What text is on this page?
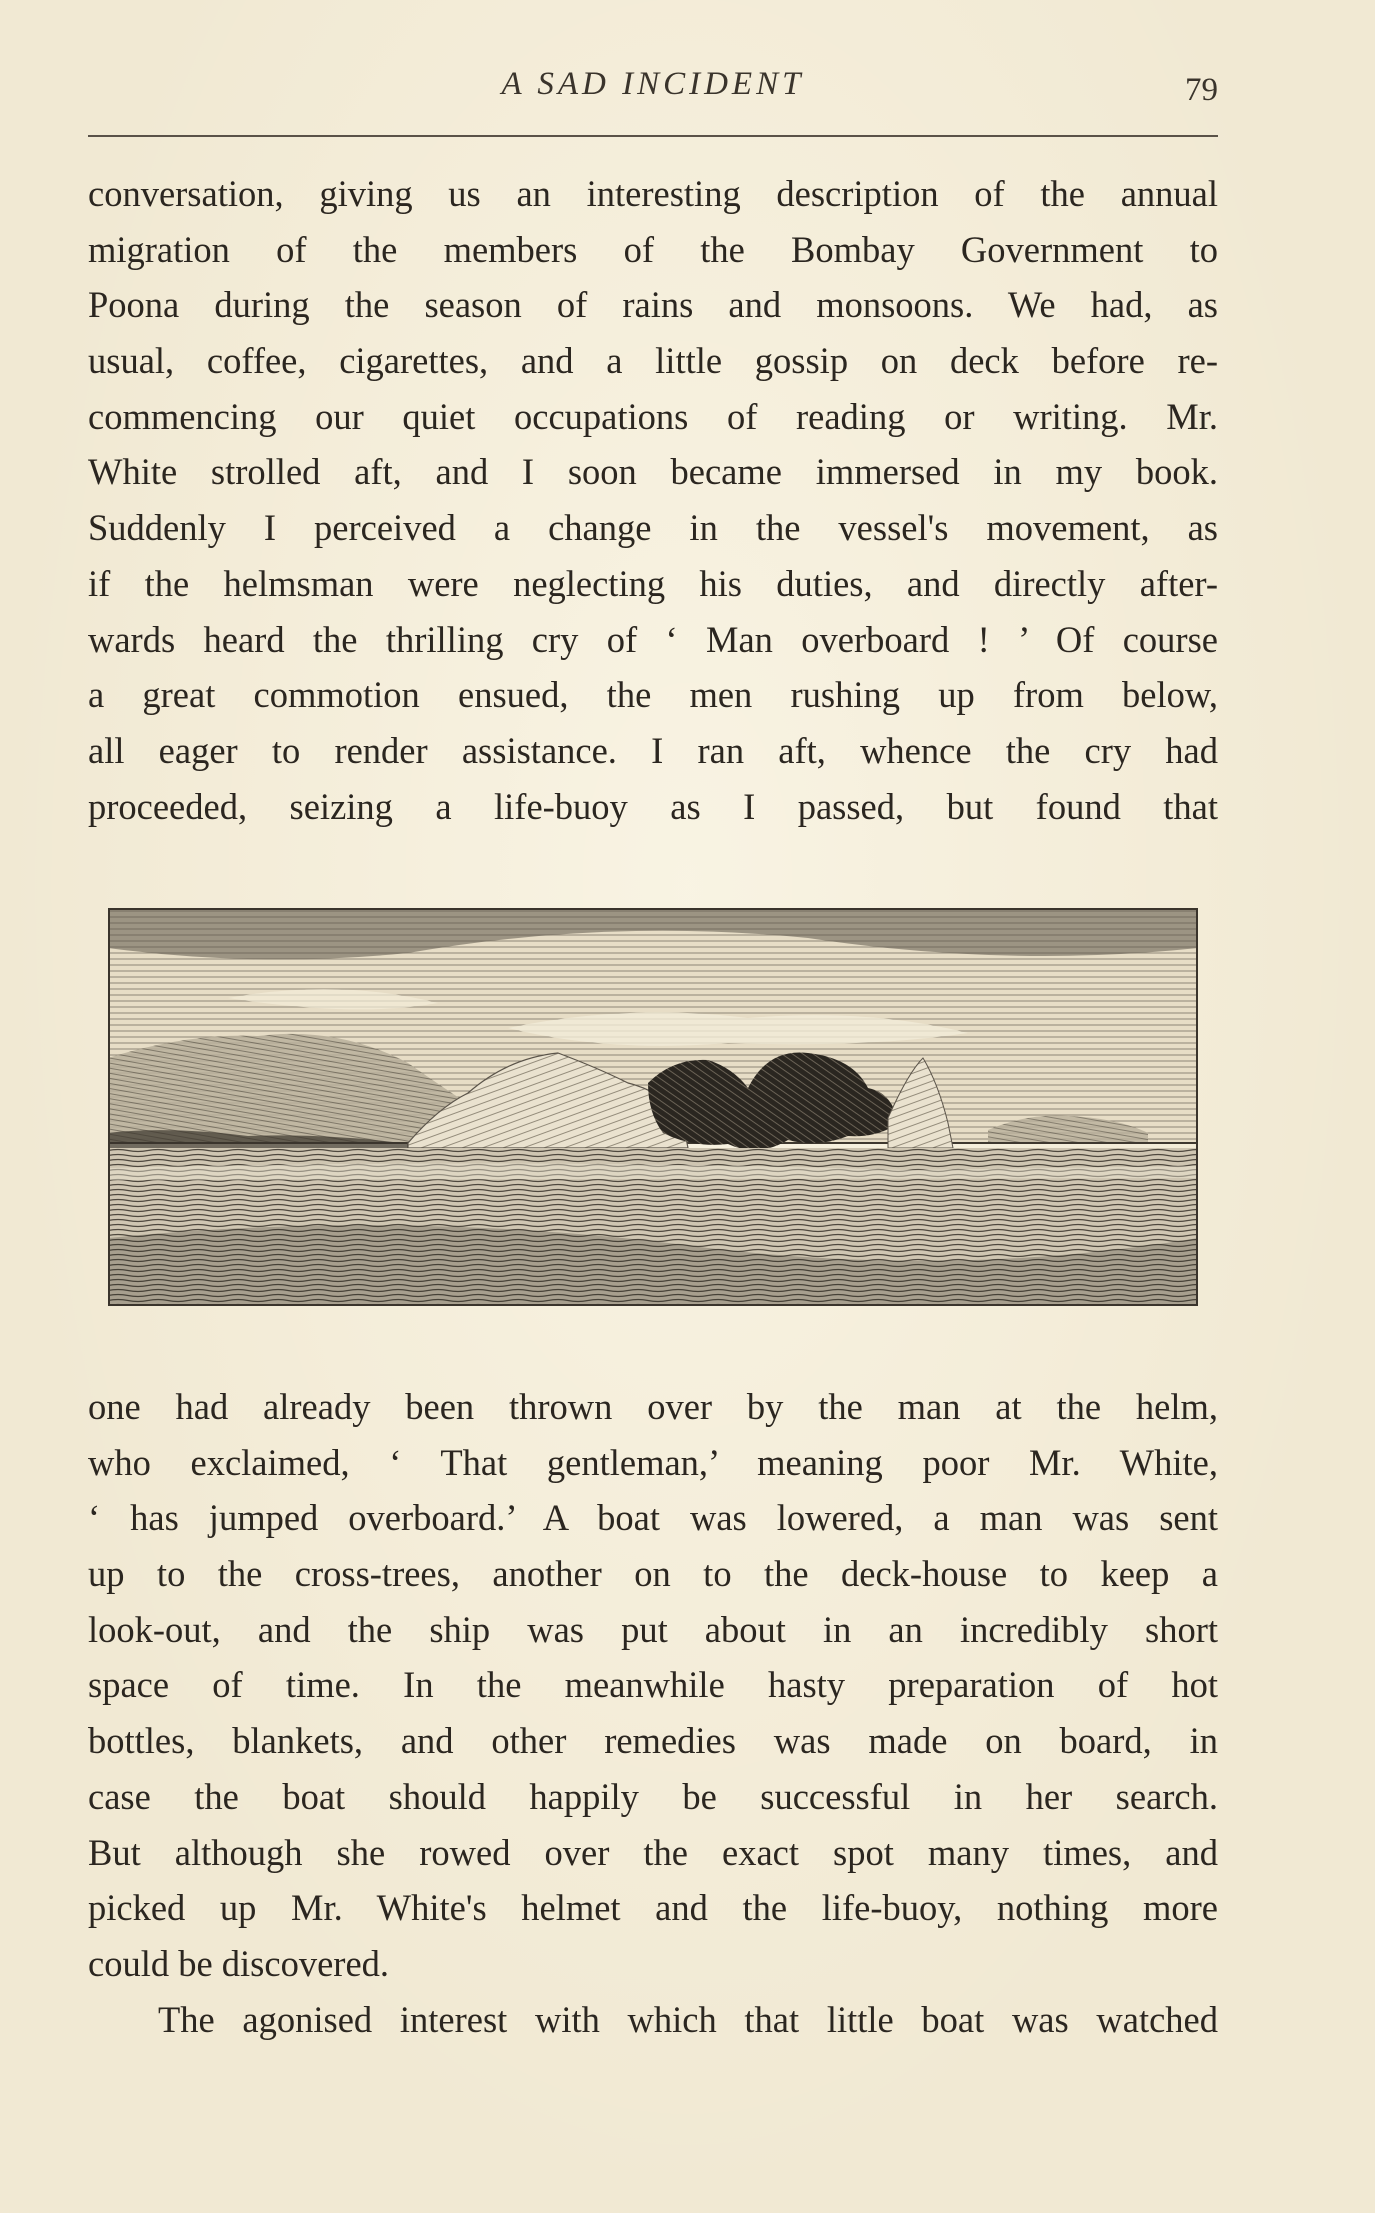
A SAD INCIDENT	79

conversation, giving us an interesting description of the annual
migration of the members of the Bombay Government to
Poona during the season of rains and monsoons. We had, as
usual, coffee, cigarettes, and a little gossip on deck before re-
commencing our quiet occupations of reading or writing. Mr.
White strolled aft, and I soon became immersed in my book.
Suddenly I perceived a change in the vessel's movement, as
if the helmsman were neglecting his duties, and directly after-
wards heard the thrilling cry of ‘ Man overboard ! ’ Of course
a great commotion ensued, the men rushing up from below,
all eager to render assistance. I ran aft, whence the cry had
proceeded, seizing a life-buoy as I passed, but found that

one had already been thrown over by the man at the helm,
who exclaimed, ‘ That gentleman,’ meaning poor Mr. White,
‘ has jumped overboard.’ A boat was lowered, a man was sent
up to the cross-trees, another on to the deck-house to keep a
look-out, and the ship was put about in an incredibly short
space of time. In the meanwhile hasty preparation of hot
bottles, blankets, and other remedies was made on board, in
case the boat should happily be successful in her search.
But although she rowed over the exact spot many times, and
picked up Mr. White's helmet and the life-buoy, nothing more
could be discovered.

The agonised interest with which that little boat was watched
